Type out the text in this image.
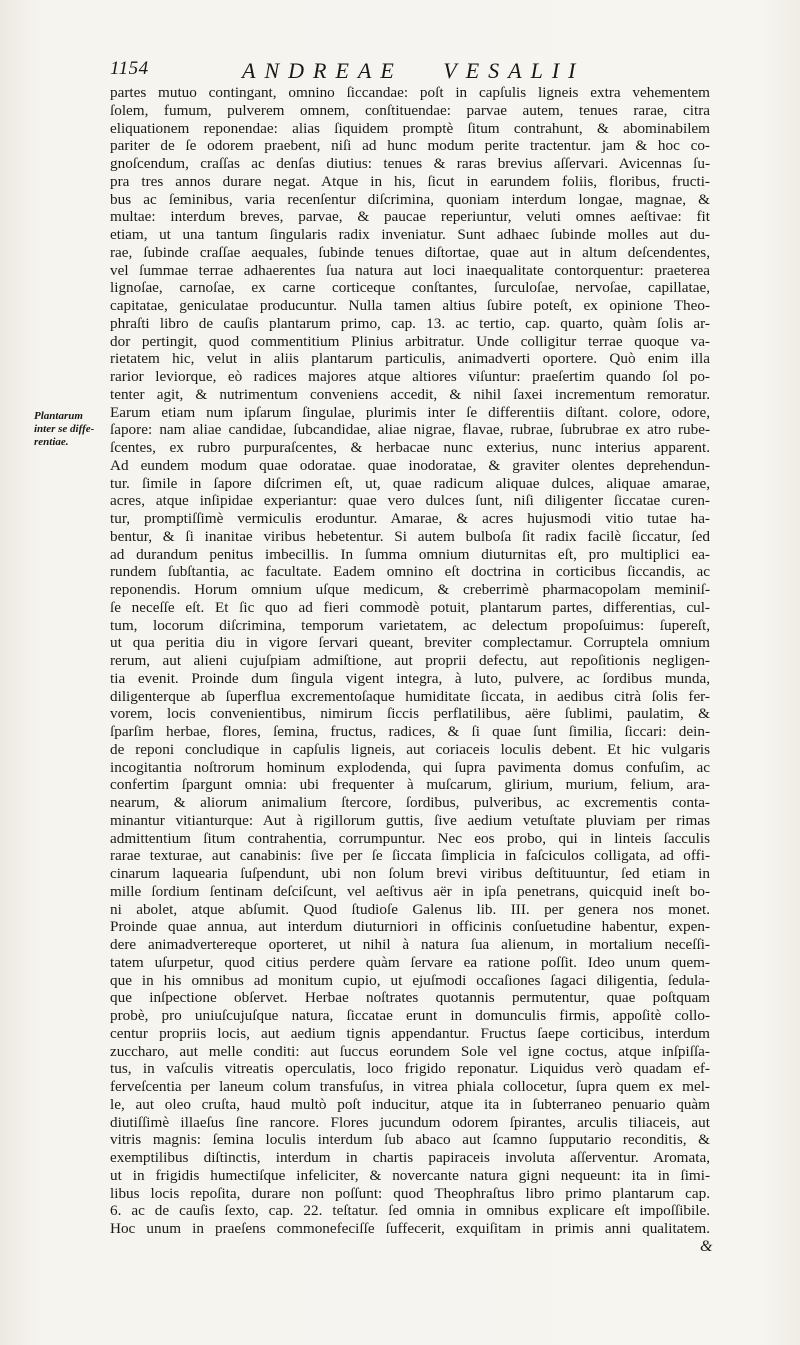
1154	ANDREAE VESALII
Plantarum
inter se diffe-
rentiae.
partes mutuo contingant, omnino ſiccandae: poſt in capſulis ligneis extra vehementem
ſolem, fumum, pulverem omnem, conſtituendae: parvae autem, tenues rarae, citra
eliquationem reponendae: alias ſiquidem promptè ſitum contrahunt, & abominabilem
pariter de ſe odorem praebent, niſi ad hunc modum perite tractentur. jam & hoc co-
gnoſcendum, craſſas ac denſas diutius: tenues & raras brevius aſſervari. Avicennas ſu-
pra tres annos durare negat. Atque in his, ſicut in earundem foliis, floribus, fructi-
bus ac ſeminibus, varia recenſentur diſcrimina, quoniam interdum longae, magnae, &
multae: interdum breves, parvae, & paucae reperiuntur, veluti omnes aeſtivae: fit
etiam, ut una tantum ſingularis radix inveniatur. Sunt adhaec ſubinde molles aut du-
rae, ſubinde craſſae aequales, ſubinde tenues diſtortae, quae aut in altum deſcendentes,
vel ſummae terrae adhaerentes ſua natura aut loci inaequalitate contorquentur: praeterea
lignoſae, carnoſae, ex carne corticeque conſtantes, ſurculoſae, nervoſae, capillatae,
capitatae, geniculatae producuntur. Nulla tamen altius ſubire poteſt, ex opinione Theo-
phraſti libro de cauſis plantarum primo, cap. 13. ac tertio, cap. quarto, quàm ſolis ar-
dor pertingit, quod commentitium Plinius arbitratur. Unde colligitur terrae quoque va-
rietatem hic, velut in aliis plantarum particulis, animadverti oportere. Quò enim illa
rarior leviorque, eò radices majores atque altiores viſuntur: praeſertim quando ſol po-
tenter agit, & nutrimentum conveniens accedit, & nihil ſaxei incrementum remoratur.
Earum etiam num ipſarum ſingulae, plurimis inter ſe differentiis diſtant. colore, odore,
ſapore: nam aliae candidae, ſubcandidae, aliae nigrae, flavae, rubrae, ſubrubrae ex atro rube-
ſcentes, ex rubro purpuraſcentes, & herbacae nunc exterius, nunc interius apparent.
Ad eundem modum quae odoratae. quae inodoratae, & graviter olentes deprehendun-
tur. ſimile in ſapore diſcrimen eſt, ut, quae radicum aliquae dulces, aliquae amarae,
acres, atque inſipidae experiantur: quae vero dulces ſunt, niſi diligenter ſiccatae curen-
tur, promptiſſimè vermiculis eroduntur. Amarae, & acres hujusmodi vitio tutae ha-
bentur, & ſi inanitae viribus hebetentur. Si autem bulboſa ſit radix facilè ſiccatur, ſed
ad durandum penitus imbecillis. In ſumma omnium diuturnitas eſt, pro multiplici ea-
rundem ſubſtantia, ac facultate. Eadem omnino eſt doctrina in corticibus ſiccandis, ac
reponendis. Horum omnium uſque medicum, & creberrimè pharmacopolam meminiſ-
ſe neceſſe eſt. Et ſic quo ad fieri commodè potuit, plantarum partes, differentias, cul-
tum, locorum diſcrimina, temporum varietatem, ac delectum propoſuimus: ſupereſt,
ut qua peritia diu in vigore ſervari queant, breviter complectamur. Corruptela omnium
rerum, aut alieni cujuſpiam admiſtione, aut proprii defectu, aut repoſitionis negligen-
tia evenit. Proinde dum ſingula vigent integra, à luto, pulvere, ac ſordibus munda,
diligenterque ab ſuperflua excrementoſaque humiditate ſiccata, in aedibus citrà ſolis fer-
vorem, locis convenientibus, nimirum ſiccis perflatilibus, aëre ſublimi, paulatim, &
ſparſim herbae, flores, ſemina, fructus, radices, & ſi quae ſunt ſimilia, ſiccari: dein-
de reponi concludique in capſulis ligneis, aut coriaceis loculis debent. Et hic vulgaris
incogitantia noſtrorum hominum explodenda, qui ſupra pavimenta domus confuſim, ac
confertim ſpargunt omnia: ubi frequenter à muſcarum, glirium, murium, felium, ara-
nearum, & aliorum animalium ſtercore, ſordibus, pulveribus, ac excrementis conta-
minantur vitianturque: Aut à rigillorum guttis, ſive aedium vetuſtate pluviam per rimas
admittentium ſitum contrahentia, corrumpuntur. Nec eos probo, qui in linteis ſacculis
rarae texturae, aut canabinis: ſive per ſe ſiccata ſimplicia in faſciculos colligata, ad offi-
cinarum laquearia ſuſpendunt, ubi non ſolum brevi viribus deſtituuntur, ſed etiam in
mille ſordium ſentinam deſciſcunt, vel aeſtivus aër in ipſa penetrans, quicquid ineſt bo-
ni abolet, atque abſumit. Quod ſtudioſe Galenus lib. III. per genera nos monet.
Proinde quae annua, aut interdum diuturniori in officinis conſuetudine habentur, expen-
dere animadvertereque oporteret, ut nihil à natura ſua alienum, in mortalium neceſſi-
tatem uſurpetur, quod citius perdere quàm ſervare ea ratione poſſit. Ideo unum quem-
que in his omnibus ad monitum cupio, ut ejuſmodi occaſiones ſagaci diligentia, ſedula-
que inſpectione obſervet. Herbae noſtrates quotannis permutentur, quae poſtquam
probè, pro uniuſcujuſque natura, ſiccatae erunt in domunculis firmis, appoſitè collo-
centur propriis locis, aut aedium tignis appendantur. Fructus ſaepe corticibus, interdum
zuccharo, aut melle conditi: aut ſuccus eorundem Sole vel igne coctus, atque inſpiſſa-
tus, in vaſculis vitreatis operculatis, loco frigido reponatur. Liquidus verò quadam ef-
ferveſcentia per laneum colum transfuſus, in vitrea phiala collocetur, ſupra quem ex mel-
le, aut oleo cruſta, haud multò poſt inducitur, atque ita in ſubterraneo penuario quàm
diutiſſimè illaeſus ſine rancore. Flores jucundum odorem ſpirantes, arculis tiliaceis, aut
vitris magnis: ſemina loculis interdum ſub abaco aut ſcamno ſupputario reconditis, &
exemptilibus diſtinctis, interdum in chartis papiraceis involuta aſſerventur. Aromata,
ut in frigidis humectiſque infeliciter, & novercante natura gigni nequeunt: ita in ſimi-
libus locis repoſita, durare non poſſunt: quod Theophraſtus libro primo plantarum cap.
6. ac de cauſis ſexto, cap. 22. teſtatur. ſed omnia in omnibus explicare eſt impoſſibile.
Hoc unum in praeſens commonefeciſſe ſuffecerit, exquiſitam in primis anni qualitatem.
&
